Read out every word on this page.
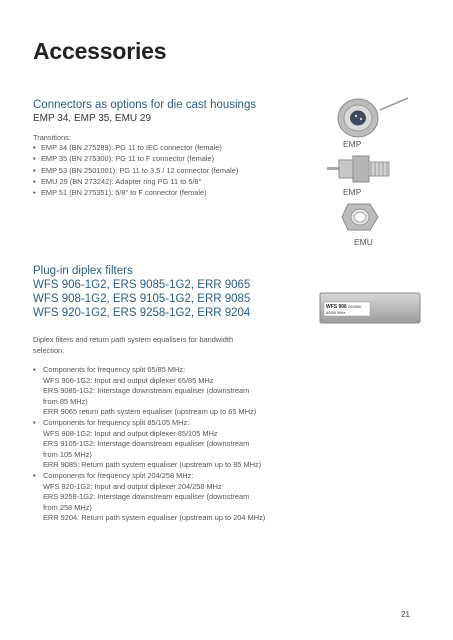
Accessories
Connectors as options for die cast housings
EMP 34, EMP 35, EMU 29
Transitions:
• EMP 34 (BN 275289): PG 11 to IEC connector (female)
• EMP 35 (BN 275300): PG 11 to F connector (female)
• EMP 53 (BN 2501001): PG 11 to 3.5 / 12 connector (female)
• EMU 29 (BN 273242): Adapter ring PG 11 to 5/8"
• EMP 51 (BN 275351): 5/8" to F connector (female)
EMP
EMP
EMU
Plug-in diplex filters
WFS 906-1G2, ERS 9085-1G2, ERR 9065
WFS 908-1G2, ERS 9105-1G2, ERR 9085
WFS 920-1G2, ERS 9258-1G2, ERR 9204	WFS 906
65/85 MHz
265960
Diplex filters and return path system equalisers for bandwidth
selection.
• Components for frequency split 65/85 MHz:
WFS 906-1G2: Input and output diplexer 65/85 MHz
ERS 9085-1G2: Interstage downstream equaliser (downstream
from 85 MHz)
ERR 9065 return path system equaliser (upstream up to 65 MHz)
• Components for frequency split 85/105 MHz:
WFS 908-1G2: Input and output diplexer 85/105 MHz
ERS 9105-1G2: Interstage downstream equaliser (downstream
from 105 MHz)
ERR 9085: Return path system equaliser (upstream up to 85 MHz)
• Components for frequency split 204/258 MHz:
WFS 920-1G2: Input and output diplexer 204/258 MHz
ERS 9258-1G2: Interstage downstream equaliser (downstream
from 258 MHz)
ERR 9204: Return path system equaliser (upstream up to 204 MHz)
21
